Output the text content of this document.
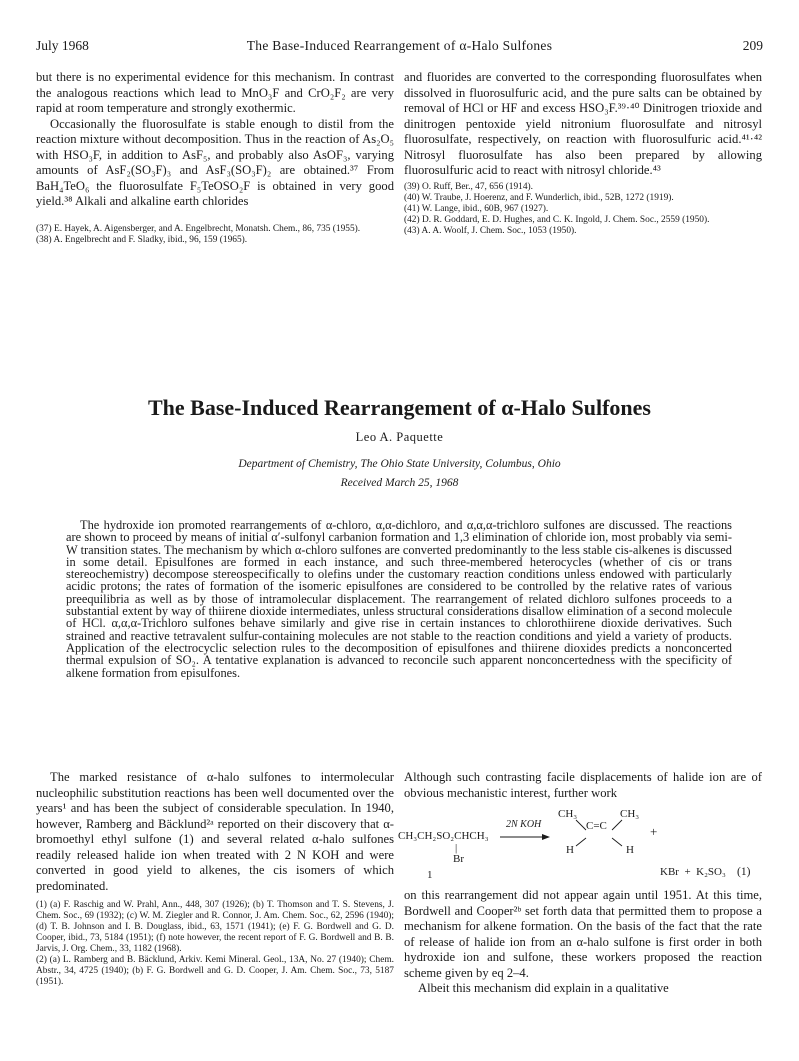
July 1968	The Base-Induced Rearrangement of α-Halo Sulfones	209

but there is no experimental evidence for this mechanism. In contrast the analogous reactions which lead to MnO₃F and CrO₂F₂ are very rapid at room temperature and strongly exothermic.

Occasionally the fluorosulfate is stable enough to distil from the reaction mixture without decomposition. Thus in the reaction of As₂O₅ with HSO₃F, in addition to AsF₅, and probably also AsOF₃, varying amounts of AsF₂(SO₃F)₃ and AsF₃(SO₃F)₂ are obtained.³⁷ From BaH₄TeO₆ the fluorosulfate F₅TeOSO₂F is obtained in very good yield.³⁸ Alkali and alkaline earth chlorides

(37) E. Hayek, A. Aigensberger, and A. Engelbrecht, Monatsh. Chem., 86, 735 (1955).
(38) A. Engelbrecht and F. Sladky, ibid., 96, 159 (1965).

and fluorides are converted to the corresponding fluorosulfates when dissolved in fluorosulfuric acid, and the pure salts can be obtained by removal of HCl or HF and excess HSO₃F.³⁹·⁴⁰ Dinitrogen trioxide and dinitrogen pentoxide yield nitronium fluorosulfate and nitrosyl fluorosulfate, respectively, on reaction with fluorosulfuric acid.⁴¹·⁴² Nitrosyl fluorosulfate has also been prepared by allowing fluorosulfuric acid to react with nitrosyl chloride.⁴³

(39) O. Ruff, Ber., 47, 656 (1914).
(40) W. Traube, J. Hoerenz, and F. Wunderlich, ibid., 52B, 1272 (1919).
(41) W. Lange, ibid., 60B, 967 (1927).
(42) D. R. Goddard, E. D. Hughes, and C. K. Ingold, J. Chem. Soc., 2559 (1950).
(43) A. A. Woolf, J. Chem. Soc., 1053 (1950).
The Base-Induced Rearrangement of α-Halo Sulfones
Leo A. Paquette
Department of Chemistry, The Ohio State University, Columbus, Ohio
Received March 25, 1968

The hydroxide ion promoted rearrangements of α-chloro, α,α-dichloro, and α,α,α-trichloro sulfones are discussed. The reactions are shown to proceed by means of initial α′-sulfonyl carbanion formation and 1,3 elimination of chloride ion, most probably via semi-W transition states. The mechanism by which α-chloro sulfones are converted predominantly to the less stable cis-alkenes is discussed in some detail. Episulfones are formed in each instance, and such three-membered heterocycles (whether of cis or trans stereochemistry) decompose stereospecifically to olefins under the customary reaction conditions unless endowed with particularly acidic protons; the rates of formation of the isomeric episulfones are considered to be controlled by the relative rates of various preequilibria as well as by those of intramolecular displacement. The rearrangement of related dichloro sulfones proceeds to a substantial extent by way of thiirene dioxide intermediates, unless structural considerations disallow elimination of a second molecule of HCl. α,α,α-Trichloro sulfones behave similarly and give rise in certain instances to chlorothiirene dioxide derivatives. Such strained and reactive tetravalent sulfur-containing molecules are not stable to the reaction conditions and yield a variety of products. Application of the electrocyclic selection rules to the decomposition of episulfones and thiirene dioxides predicts a nonconcerted thermal expulsion of SO₂. A tentative explanation is advanced to reconcile such apparent nonconcertedness with the specificity of alkene formation from episulfones.

The marked resistance of α-halo sulfones to intermolecular nucleophilic substitution reactions has been well documented over the years¹ and has been the subject of considerable speculation. In 1940, however, Ramberg and Bäcklund²ᵃ reported on their discovery that α-bromoethyl ethyl sulfone (1) and several related α-halo sulfones readily released halide ion when treated with 2 N KOH and were converted in good yield to alkenes, the cis isomers of which predominated.

(1) (a) F. Raschig and W. Prahl, Ann., 448, 307 (1926); (b) T. Thomson and T. S. Stevens, J. Chem. Soc., 69 (1932); (c) W. M. Ziegler and R. Connor, J. Am. Chem. Soc., 62, 2596 (1940); (d) T. B. Johnson and I. B. Douglass, ibid., 63, 1571 (1941); (e) F. G. Bordwell and G. D. Cooper, ibid., 73, 5184 (1951); (f) note however, the recent report of F. G. Bordwell and B. B. Jarvis, J. Org. Chem., 33, 1182 (1968).
(2) (a) L. Ramberg and B. Bäcklund, Arkiv. Kemi Mineral. Geol., 13A, No. 27 (1940); Chem. Abstr., 34, 4725 (1940); (b) F. G. Bordwell and G. D. Cooper, J. Am. Chem. Soc., 73, 5187 (1951).

Although such contrasting facile displacements of halide ion are of obvious mechanistic interest, further work

CH₃CH₂SO₂CHCH₃
|
Br
1
2N KOH
CH₃	CH₃
C=C
H	H
+
KBr  +  K₂SO₃ (1)

on this rearrangement did not appear again until 1951. At this time, Bordwell and Cooper²ᵇ set forth data that permitted them to propose a mechanism for alkene formation. On the basis of the fact that the rate of release of halide ion from an α-halo sulfone is first order in both hydroxide ion and sulfone, these workers proposed the reaction scheme given by eq 2–4.

Albeit this mechanism did explain in a qualitative
